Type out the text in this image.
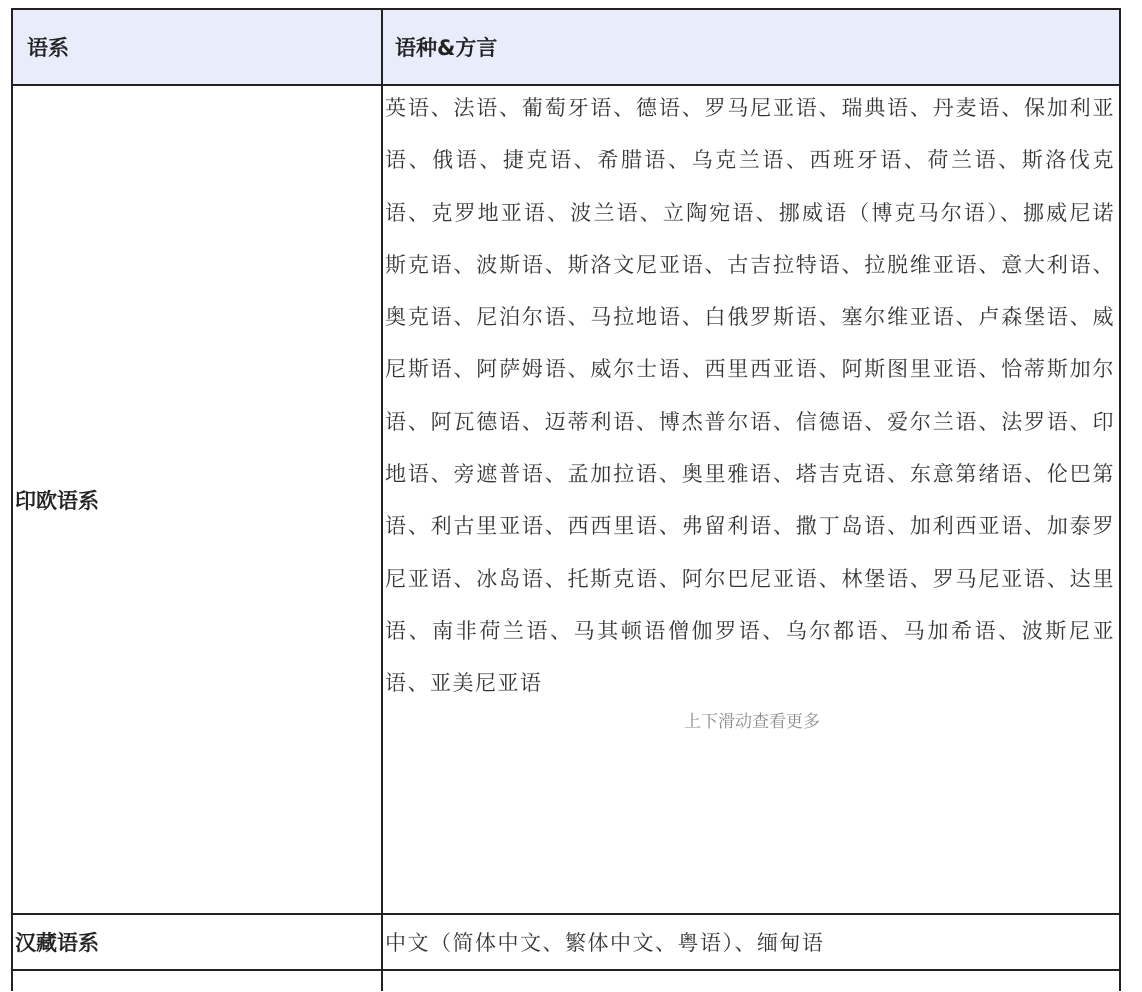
语系	语种&方言
印欧语系
英语、法语、葡萄牙语、德语、罗马尼亚语、瑞典语、丹麦语、保加利亚语、俄语、捷克语、希腊语、乌克兰语、西班牙语、荷兰语、斯洛伐克语、克罗地亚语、波兰语、立陶宛语、挪威语（博克马尔语）、挪威尼诺斯克语、波斯语、斯洛文尼亚语、古吉拉特语、拉脱维亚语、意大利语、奥克语、尼泊尔语、马拉地语、白俄罗斯语、塞尔维亚语、卢森堡语、威尼斯语、阿萨姆语、威尔士语、西里西亚语、阿斯图里亚语、恰蒂斯加尔语、阿瓦德语、迈蒂利语、博杰普尔语、信德语、爱尔兰语、法罗语、印地语、旁遮普语、孟加拉语、奥里雅语、塔吉克语、东意第绪语、伦巴第语、利古里亚语、西西里语、弗留利语、撒丁岛语、加利西亚语、加泰罗尼亚语、冰岛语、托斯克语、阿尔巴尼亚语、林堡语、罗马尼亚语、达里语、南非荷兰语、马其顿语僧伽罗语、乌尔都语、马加希语、波斯尼亚语、亚美尼亚语
上下滑动查看更多
汉藏语系	中文（简体中文、繁体中文、粤语）、缅甸语
